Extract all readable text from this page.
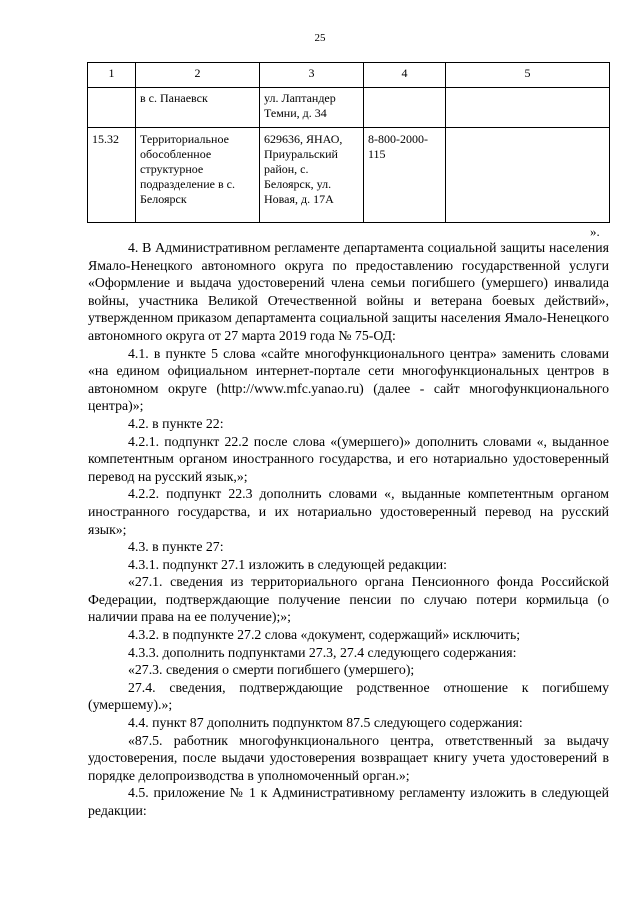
25
1	2	3	4	5
	в с. Панаевск	ул. Лаптандер Темни, д. 34		
15.32	Территориальное обособленное структурное подразделение в с. Белоярск	629636, ЯНАО, Приуральский район, с. Белоярск, ул. Новая, д. 17А	8-800-2000-115	
».

4. В Административном регламенте департамента социальной защиты населения Ямало-Ненецкого автономного округа по предоставлению государственной услуги «Оформление и выдача удостоверений члена семьи погибшего (умершего) инвалида войны, участника Великой Отечественной войны и ветерана боевых действий», утвержденном приказом департамента социальной защиты населения Ямало-Ненецкого автономного округа от 27 марта 2019 года № 75-ОД:

4.1. в пункте 5 слова «сайте многофункционального центра» заменить словами «на едином официальном интернет-портале сети многофункциональных центров в автономном округе (http://www.mfc.yanao.ru) (далее - сайт многофункционального центра)»;

4.2. в пункте 22:

4.2.1. подпункт 22.2 после слова «(умершего)» дополнить словами «, выданное компетентным органом иностранного государства, и его нотариально удостоверенный перевод на русский язык,»;

4.2.2. подпункт 22.3 дополнить словами «, выданные компетентным органом иностранного государства, и их нотариально удостоверенный перевод на русский язык»;

4.3. в пункте 27:

4.3.1. подпункт 27.1 изложить в следующей редакции:

«27.1. сведения из территориального органа Пенсионного фонда Российской Федерации, подтверждающие получение пенсии по случаю потери кормильца (о наличии права на ее получение);»;

4.3.2. в подпункте 27.2 слова «документ, содержащий» исключить;

4.3.3. дополнить подпунктами 27.3, 27.4 следующего содержания:

«27.3. сведения о смерти погибшего (умершего);

27.4. сведения, подтверждающие родственное отношение к погибшему (умершему).»;

4.4. пункт 87 дополнить подпунктом 87.5 следующего содержания:

«87.5. работник многофункционального центра, ответственный за выдачу удостоверения, после выдачи удостоверения возвращает книгу учета удостоверений в порядке делопроизводства в уполномоченный орган.»;

4.5. приложение № 1 к Административному регламенту изложить в следующей редакции:
